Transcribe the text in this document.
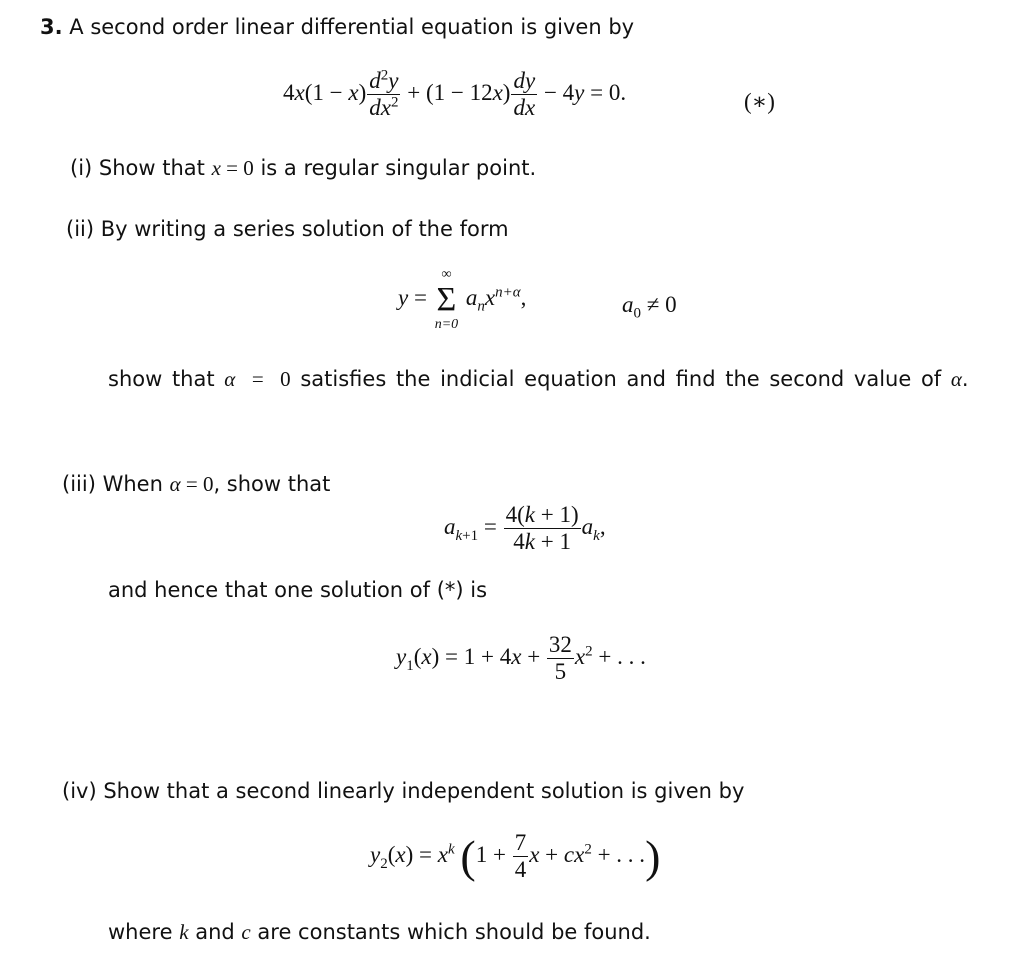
3. A second order linear differential equation is given by
$4x(1 - x) \frac{d^2y}{dx^2} + (1 - 12x) \frac{dy}{dx} - 4y = 0$.	(∗)
(i) Show that x = 0 is a regular singular point.
(ii) By writing a series solution of the form
y =
∞
Σ
n=0
$a_nx^{n+\alpha}$,	$a_0 \ne 0$
show that α  =  0 satisfies the indicial equation and find the second value of α.
(iii) When α = 0, show that
$a_{k+1} = \frac{4(k + 1)}{4k + 1} a_k$,
and hence that one solution of (*) is
$y_1(x) = 1 + 4x + \frac{32}{5} x^2$ + . . .
(iv) Show that a second linearly independent solution is given by
$y_2(x) = x^k$ ($1 + \frac{7}{4}$ $x + cx^2$ + . . .)
where k and c are constants which should be found.
